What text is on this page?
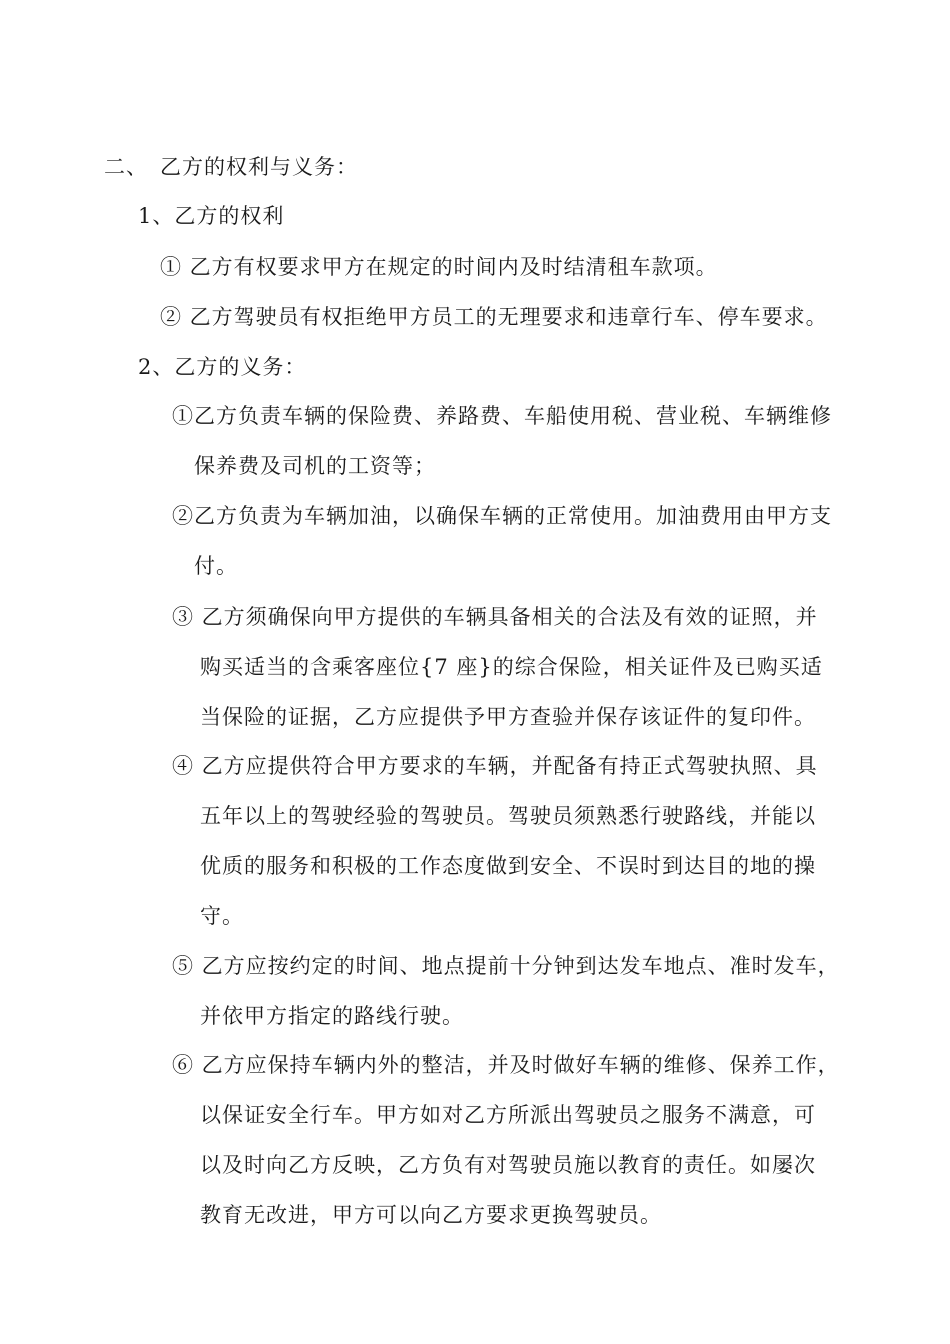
二、 乙方的权利与义务：
1、乙方的权利
① 乙方有权要求甲方在规定的时间内及时结清租车款项。
② 乙方驾驶员有权拒绝甲方员工的无理要求和违章行车、停车要求。
2、乙方的义务：
①乙方负责车辆的保险费、养路费、车船使用税、营业税、车辆维修
保养费及司机的工资等；
②乙方负责为车辆加油，以确保车辆的正常使用。加油费用由甲方支
付。
③ 乙方须确保向甲方提供的车辆具备相关的合法及有效的证照，并
购买适当的含乘客座位{7 座}的综合保险，相关证件及已购买适
当保险的证据，乙方应提供予甲方查验并保存该证件的复印件。
④ 乙方应提供符合甲方要求的车辆，并配备有持正式驾驶执照、具
五年以上的驾驶经验的驾驶员。驾驶员须熟悉行驶路线，并能以
优质的服务和积极的工作态度做到安全、不误时到达目的地的操
守。
⑤ 乙方应按约定的时间、地点提前十分钟到达发车地点、准时发车，
并依甲方指定的路线行驶。
⑥ 乙方应保持车辆内外的整洁，并及时做好车辆的维修、保养工作，
以保证安全行车。甲方如对乙方所派出驾驶员之服务不满意，可
以及时向乙方反映，乙方负有对驾驶员施以教育的责任。如屡次
教育无改进，甲方可以向乙方要求更换驾驶员。
